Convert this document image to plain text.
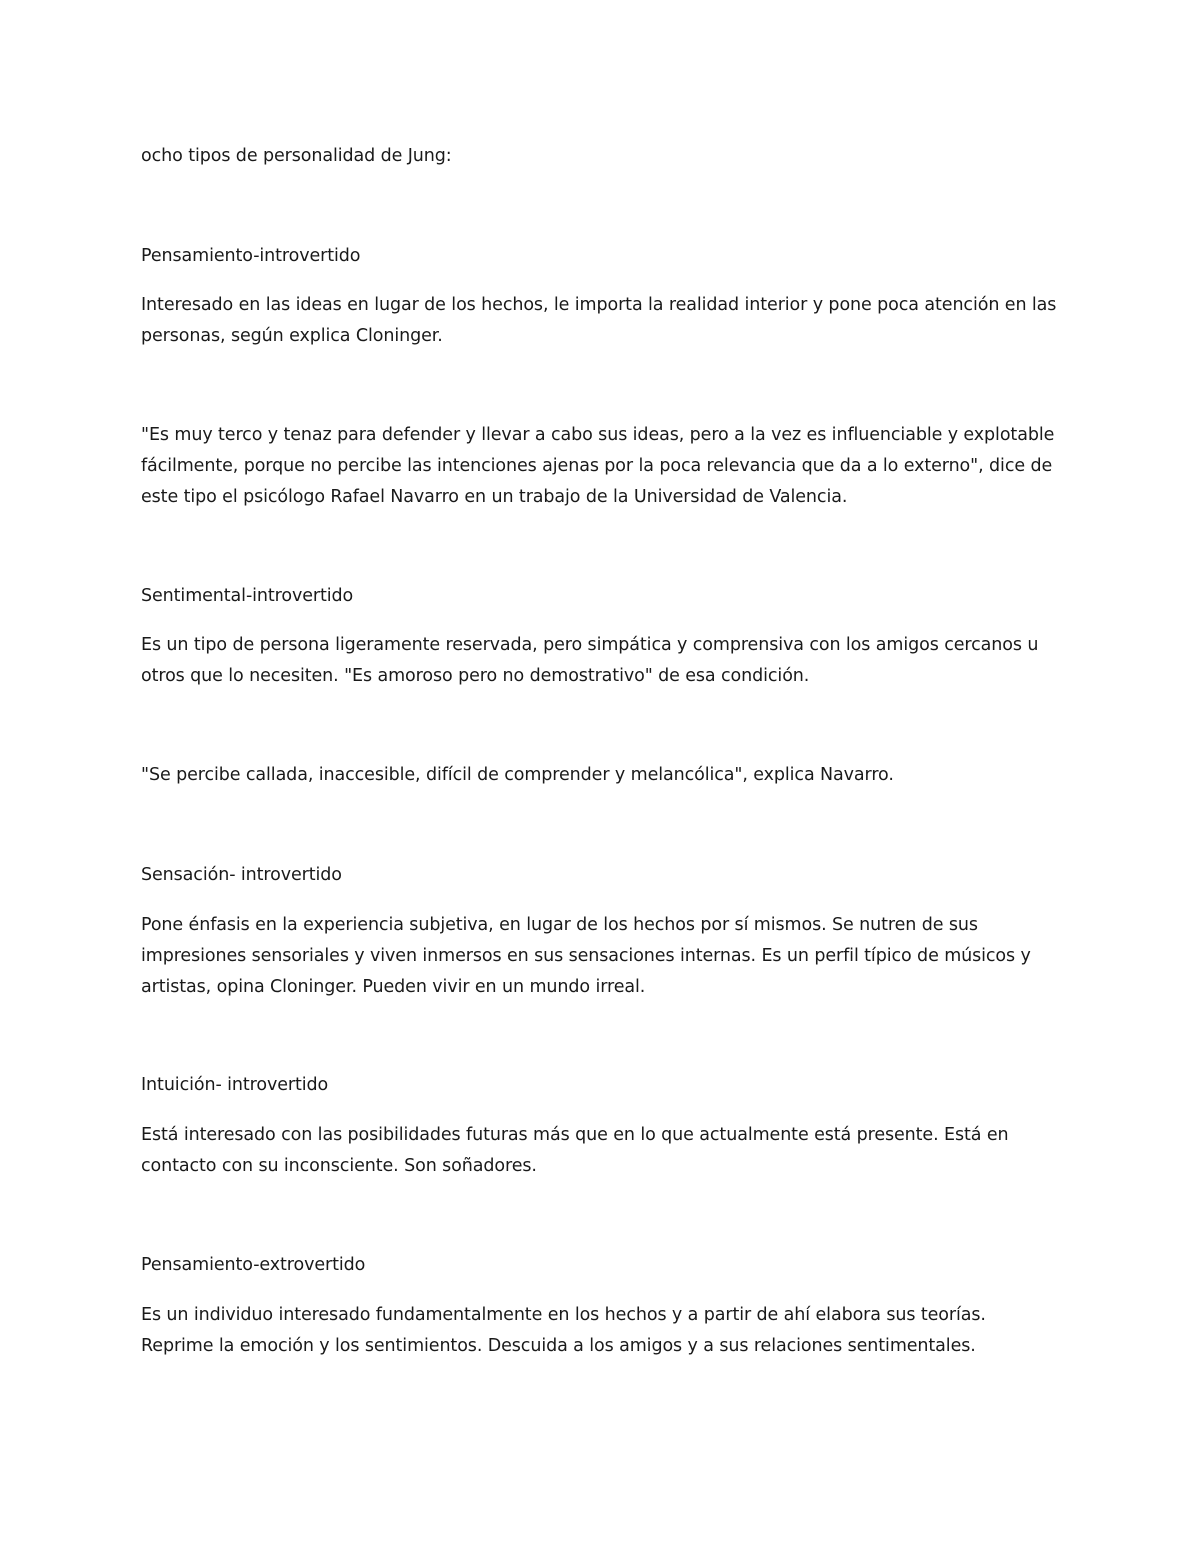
ocho tipos de personalidad de Jung:

Pensamiento-introvertido

Interesado en las ideas en lugar de los hechos, le importa la realidad interior y pone poca atención en las

personas, según explica Cloninger.

"Es muy terco y tenaz para defender y llevar a cabo sus ideas, pero a la vez es influenciable y explotable

fácilmente, porque no percibe las intenciones ajenas por la poca relevancia que da a lo externo", dice de

este tipo el psicólogo Rafael Navarro en un trabajo de la Universidad de Valencia.

Sentimental-introvertido

Es un tipo de persona ligeramente reservada, pero simpática y comprensiva con los amigos cercanos u

otros que lo necesiten. "Es amoroso pero no demostrativo" de esa condición.

"Se percibe callada, inaccesible, difícil de comprender y melancólica", explica Navarro.

Sensación- introvertido

Pone énfasis en la experiencia subjetiva, en lugar de los hechos por sí mismos. Se nutren de sus

impresiones sensoriales y viven inmersos en sus sensaciones internas. Es un perfil típico de músicos y

artistas, opina Cloninger. Pueden vivir en un mundo irreal.

Intuición- introvertido

Está interesado con las posibilidades futuras más que en lo que actualmente está presente. Está en

contacto con su inconsciente. Son soñadores.

Pensamiento-extrovertido

Es un individuo interesado fundamentalmente en los hechos y a partir de ahí elabora sus teorías.

Reprime la emoción y los sentimientos. Descuida a los amigos y a sus relaciones sentimentales.
